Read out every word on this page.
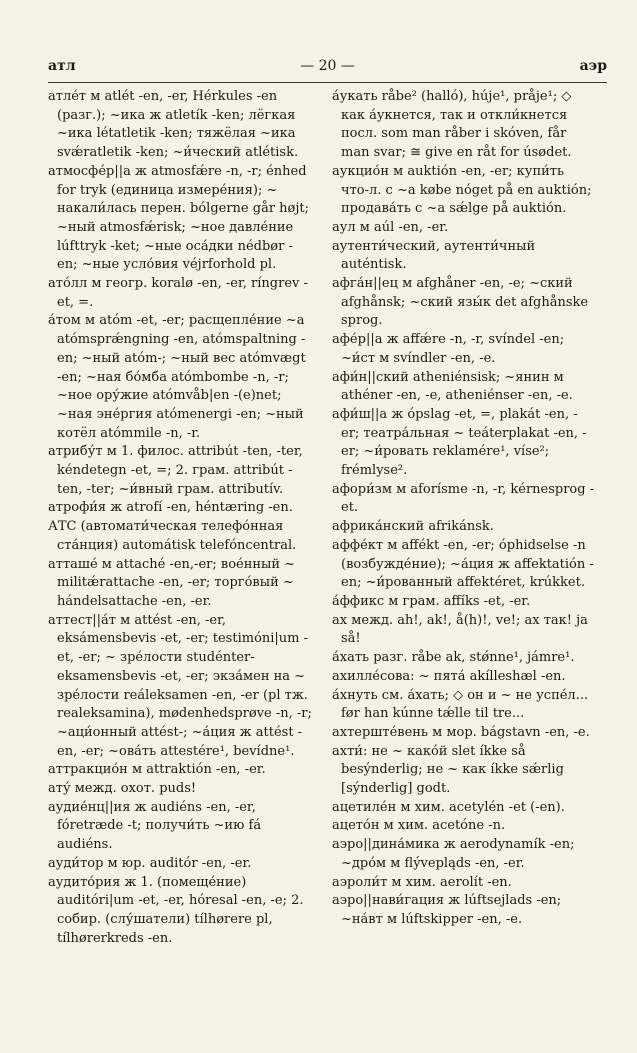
атл	— 20 —	аэр

атле́т м atlét -en, -er, Hérkules -en (разг.); ~ика ж atletík -ken; лёгкая ~ика létatletik -ken; тяжёлая ~ика svǽratletik -ken; ~и́ческий atlétisk.

атмосфе́р||а ж atmosfǽre -n, -r; énhed for tryk (единица измере́ния); ~ накали́лась перен. bólgerne går højt; ~ный atmosfǽrisk; ~ное давле́ние lúfttryk -ket; ~ные оса́дки nédbør -en; ~ные усло́вия véjrforhold pl.

ато́лл м геогр. koralø -en, -er, ríngrev -et, =.

а́том м atóm -et, -er; расщепле́ние ~а atómsprǽngning -en, atómspaltning -en; ~ный atóm-; ~ный вес atómvægt -en; ~ная бо́мба atómbombe -n, -r; ~ное ору́жие atómvåb|en -(e)net; ~ная эне́ргия atómenergi -en; ~ный котёл atómmile -n, -r.

атрибу́т м 1. филос. attribút -ten, -ter, kéndetegn -et, =; 2. грам. attribút -ten, -ter; ~и́вный грам. attributív.

атрофи́я ж atrofí -en, héntæring -en.

АТС (автомати́ческая телефо́нная ста́нция) automátisk telefóncentral.

атташе́ м attaché -en,-er; вое́нный ~ militǽrattache -en, -er; торго́вый ~ hándelsattache -en, -er.

аттест||а́т м attést -en, -er, eksámensbevis -et, -er; testimóni|um -et, -er; ~ зре́лости studénter-eksamensbevis -et, -er; экза́мен на ~ зре́лости reáleksamen -en, -er (pl тж. realeksamina), mødenhedsprøve -n, -r; ~аци́онный attést-; ~а́ция ж attést -en, -er; ~ова́ть attestére¹, bevídne¹.

аттракцио́н м attraktión -en, -er.

ату́ межд. охот. puds!

аудие́нц||ия ж audiéns -en, -er, fóretræde -t; получи́ть ~ию fá audiéns.

ауди́тор м юр. auditór -en, -er.

аудито́рия ж 1. (помеще́ние) auditóri|um -et, -er, hóresal -en, -e; 2. собир. (слу́шатели) tílhørere pl, tílhørerkreds -en.

а́укать råbe² (halló), húje¹, pråje¹; ◇ как а́укнется, так и откли́кнется посл. som man råber i skóven, får man svar; ≅ give en råt for úsødet.

аукцио́н м auktión -en, -er; купи́ть что-л. с ~а købe nóget på en auktión; продава́ть с ~а sǽlge på auktión.

аул м aúl -en, -er.

аутенти́ческий, аутенти́чный auténtisk.

афга́н||ец м afghåner -en, -e; ~ский afghånsk; ~ский язы́к det afghånske sprog.

афе́р||а ж affǽre -n, -r, svíndel -en; ~и́ст м svíndler -en, -e.

афи́н||ский atheniénsisk; ~янин м athéner -en, -e, atheniénser -en, -e.

афи́ш||а ж ópslag -et, =, plakát -en, -er; театра́льная ~ teáterplakat -en, -er; ~и́ровать reklamére¹, víse²; frémlyse².

афори́зм м aforísme -n, -r, kérnesprog -et.

африка́нский afrikánsk.

аффе́кт м affékt -en, -er; óphidselse -n (возбужде́ние); ~а́ция ж affektatión -en; ~и́рованный affektéret, krúkket.

а́ффикс м грам. affíks -et, -er.

ах межд. ah!, ak!, å(h)!, ve!; ах так! ja så!

а́хать разг. råbe ak, stǿnne¹, jámre¹.

ахилле́сова: ~ пята́ akílleshæl -en.

а́хнуть см. а́хать; ◇ он и ~ не успе́л... før han kúnne tǽlle til tre...

ахтерште́вень м мор. bágstavn -en, -e.

ахти́: не ~ како́й slet íkke så besýnderlig; не ~ как íkke sǽrlig [sýnderlig] godt.

ацетиле́н м хим. acetylén -et (-en).

ацето́н м хим. acetóne -n.

аэро||дина́мика ж aerodynamík -en; ~дро́м м flývepląds -en, -er.

аэроли́т м хим. aerolít -en.

аэро||нави́гация ж lúftsejlads -en; ~на́вт м lúftskipper -en, -e.
